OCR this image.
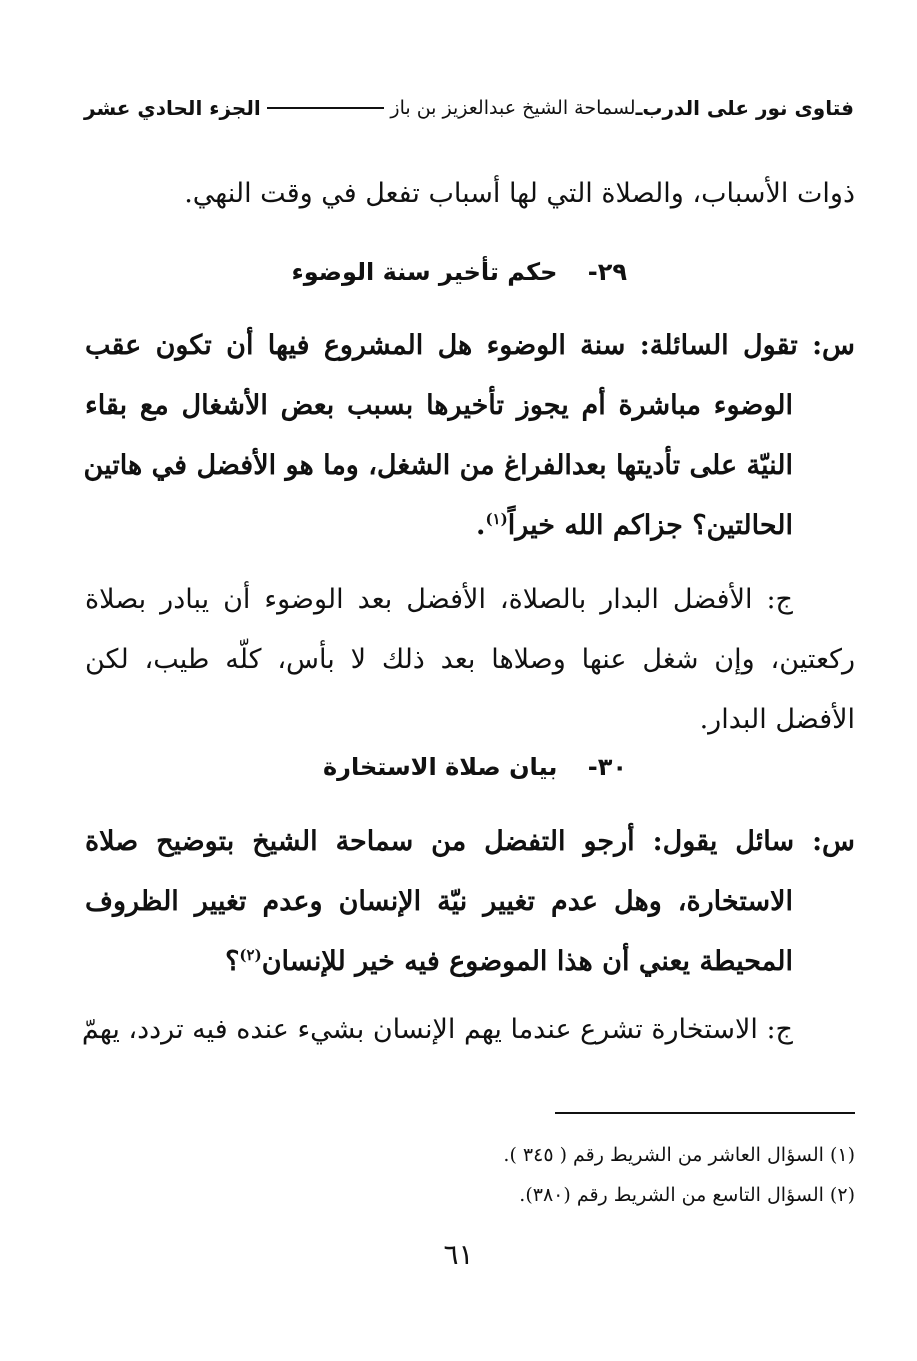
فتاوى نور على الدرب
ـ
لسماحة الشيخ عبدالعزيز بن باز
الجزء الحادي عشر
ذوات الأسباب، والصلاة التي لها أسباب تفعل في وقت النهي.
٢٩- حكم تأخير سنة الوضوء
س: تقول السائلة: سنة الوضوء هل المشروع فيها أن تكون عقب
الوضوء مباشرة أم يجوز تأخيرها بسبب بعض الأشغال مع بقاء
النيّة على تأديتها بعدالفراغ من الشغل، وما هو الأفضل في هاتين
الحالتين؟ جزاكم الله خيراً$^{(١)}$.
ج: الأفضل البدار بالصلاة، الأفضل بعد الوضوء أن يبادر بصلاة
ركعتين، وإن شغل عنها وصلاها بعد ذلك لا بأس، كلّه طيب، لكن
الأفضل البدار.
٣٠- بيان صلاة الاستخارة
س: سائل يقول: أرجو التفضل من سماحة الشيخ بتوضيح صلاة
الاستخارة، وهل عدم تغيير نيّة الإنسان وعدم تغيير الظروف
المحيطة يعني أن هذا الموضوع فيه خير للإنسان$^{(٢)}$؟
ج: الاستخارة تشرع عندما يهم الإنسان بشيء عنده فيه تردد، يهمّ
(١) السؤال العاشر من الشريط رقم ( ٣٤٥ ).
(٢) السؤال التاسع من الشريط رقم (٣٨٠).
٦١
